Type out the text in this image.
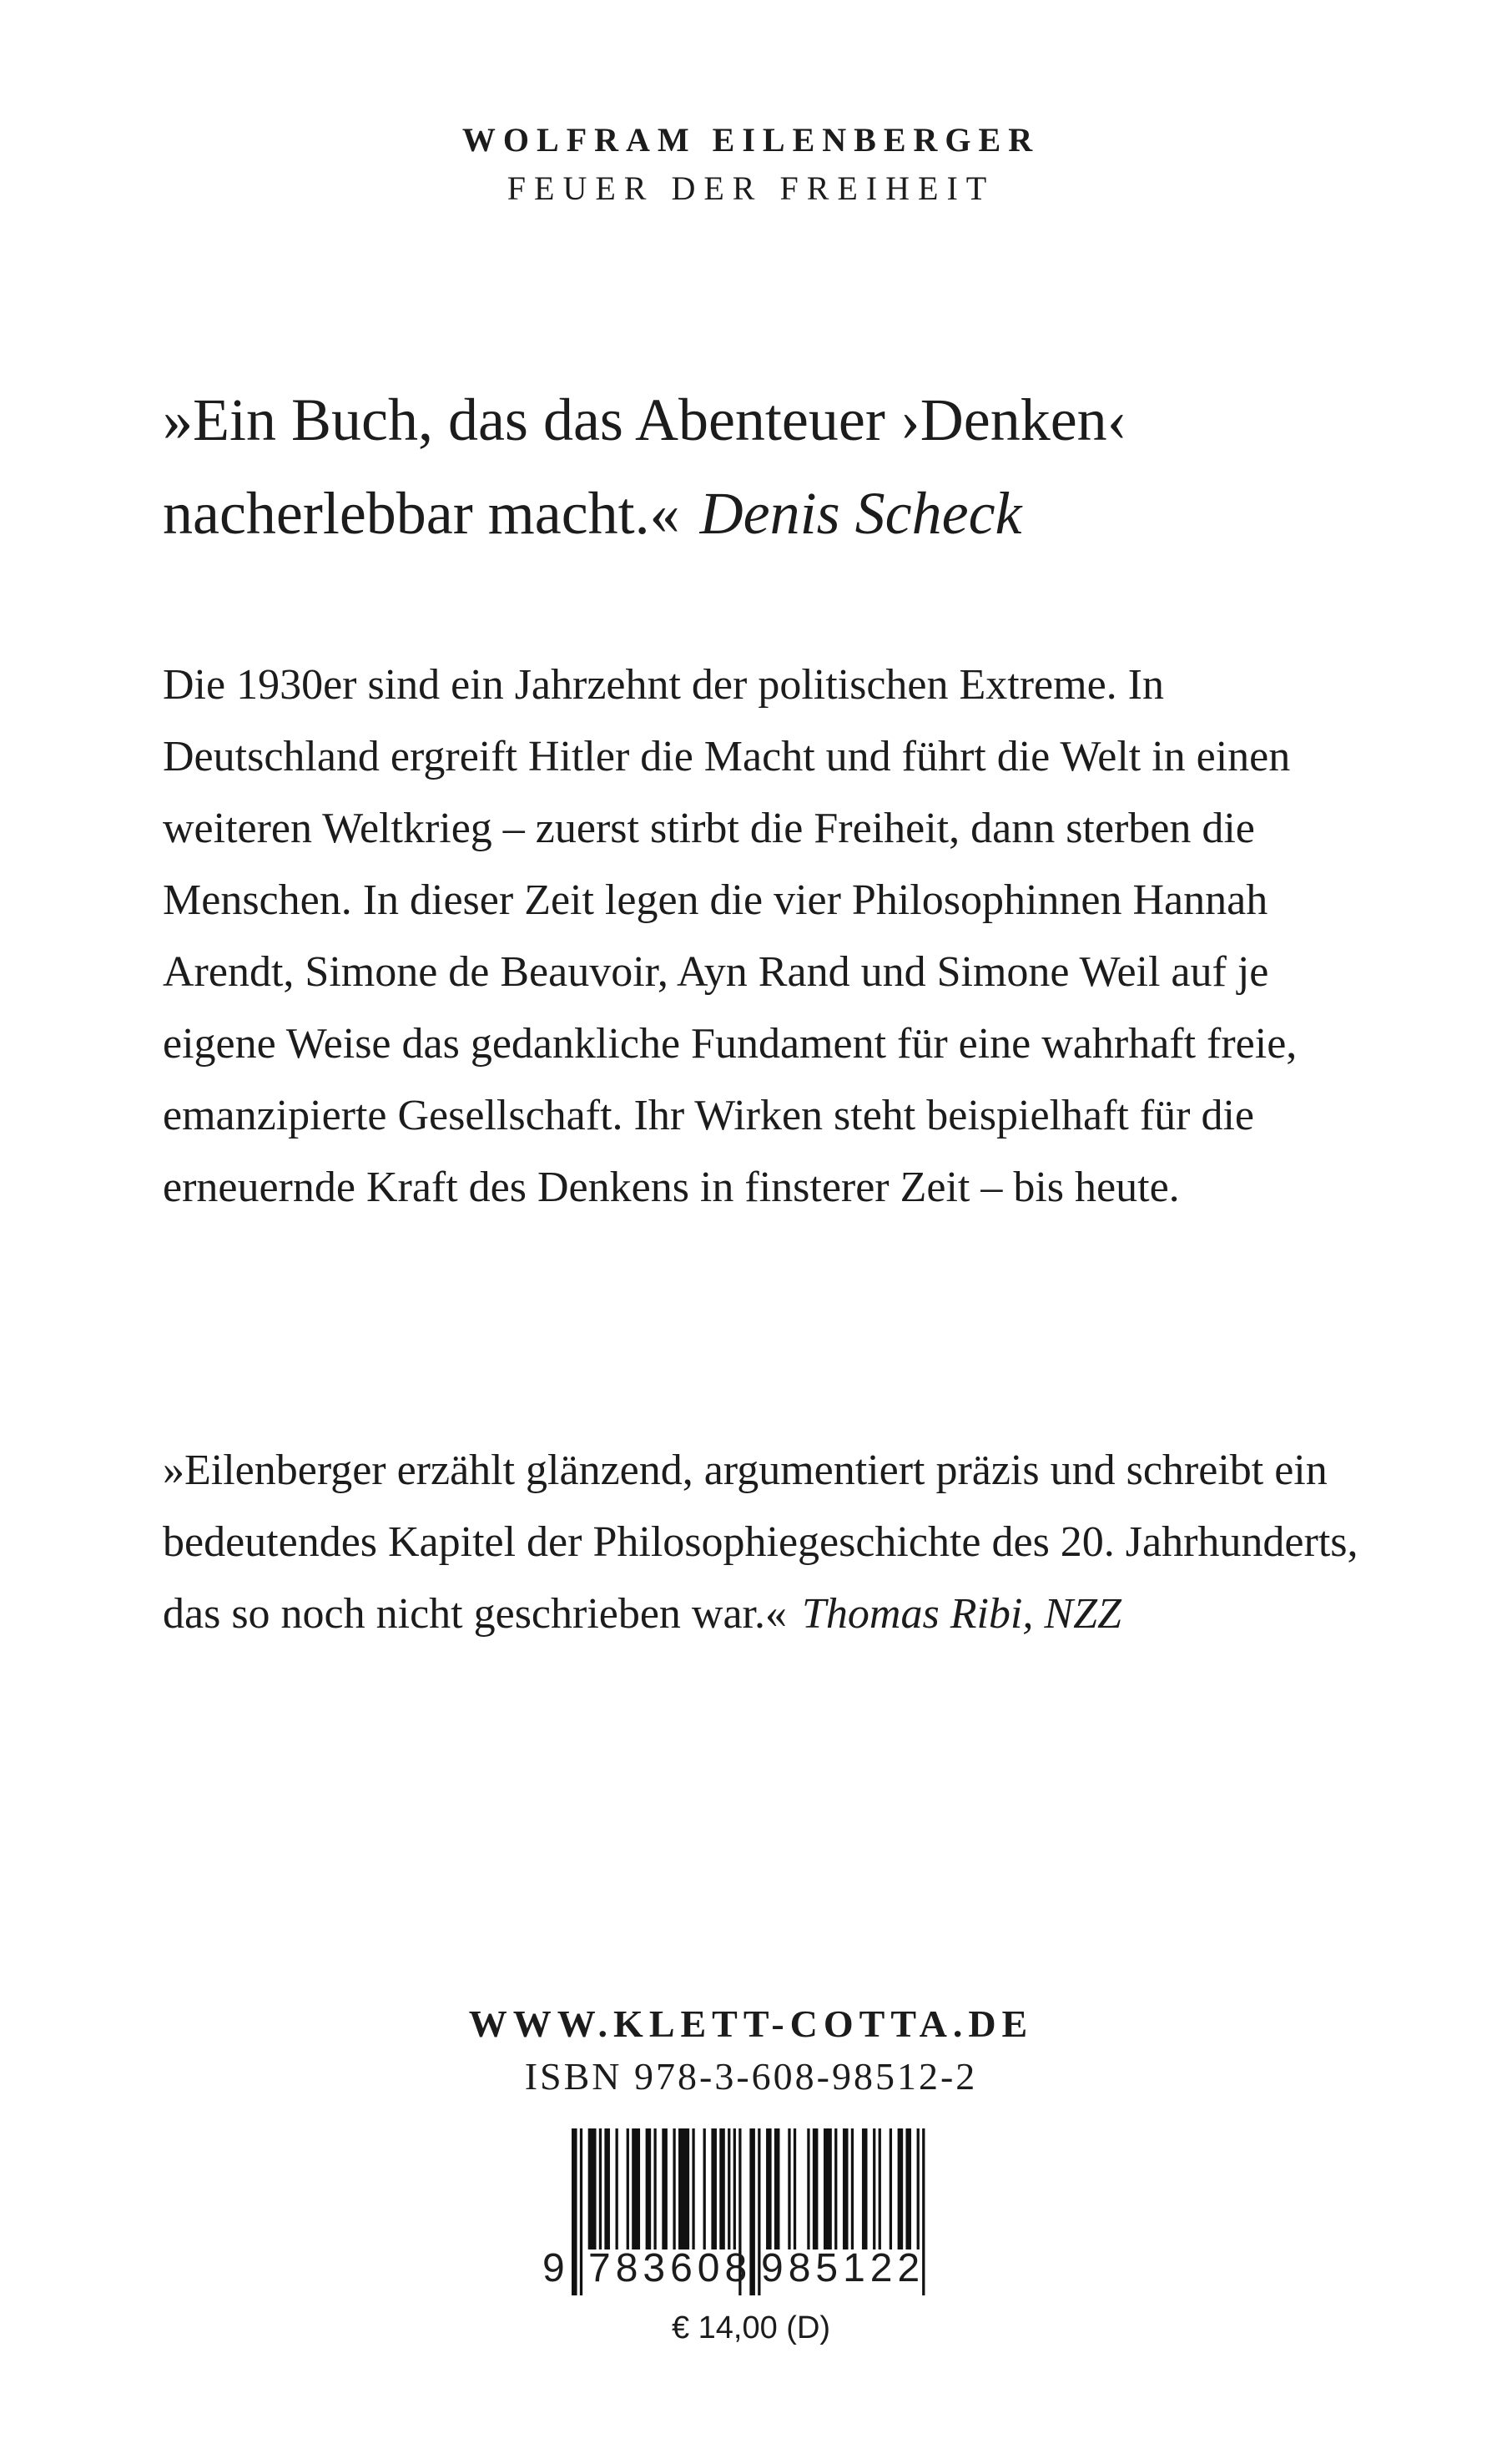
WOLFRAM EILENBERGER
FEUER DER FREIHEIT
»Ein Buch, das das Abenteuer ›Denken‹ nacherlebbar macht.« Denis Scheck

Die 1930er sind ein Jahrzehnt der politischen Extreme. In Deutschland ergreift Hitler die Macht und führt die Welt in einen weiteren Weltkrieg – zuerst stirbt die Freiheit, dann sterben die Menschen. In dieser Zeit legen die vier Philosophinnen Hannah Arendt, Simone de Beauvoir, Ayn Rand und Simone Weil auf je eigene Weise das gedankliche Fundament für eine wahrhaft freie, emanzipierte Gesellschaft. Ihr Wirken steht beispielhaft für die erneuernde Kraft des Denkens in finsterer Zeit – bis heute.

»Eilenberger erzählt glänzend, argumentiert präzis und schreibt ein bedeutendes Kapitel der Philosophiegeschichte des 20. Jahrhunderts, das so noch nicht geschrieben war.« Thomas Ribi, NZZ

WWW.KLETT-COTTA.DE
ISBN 978-3-608-98512-2
9 783608 985122
€ 14,00 (D)
